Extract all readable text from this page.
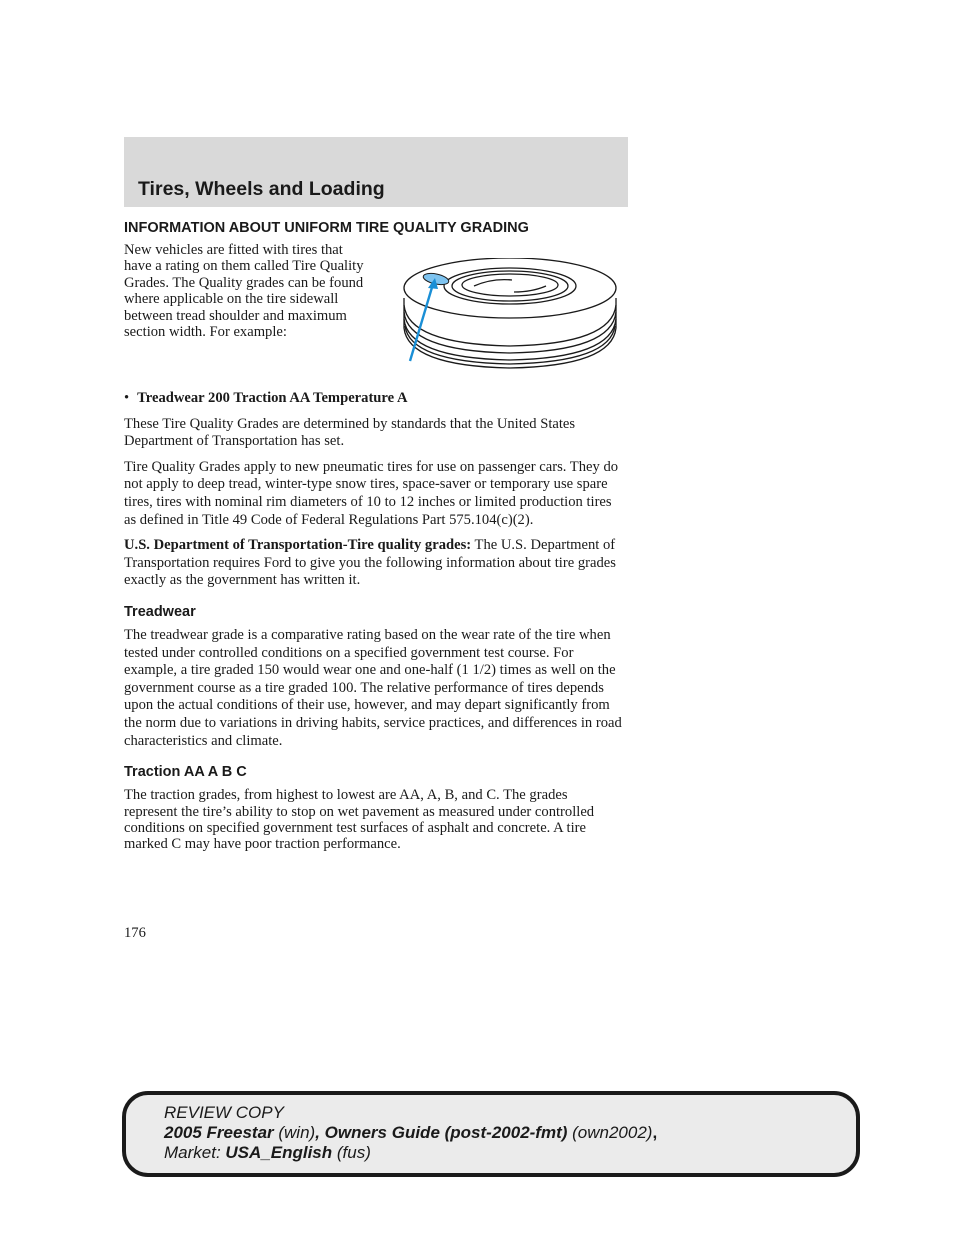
Tires, Wheels and Loading
INFORMATION ABOUT UNIFORM TIRE QUALITY GRADING

New vehicles are fitted with tires that have a rating on them called Tire Quality Grades. The Quality grades can be found where applicable on the tire sidewall between tread shoulder and maximum section width. For example:

• Treadwear 200 Traction AA Temperature A

These Tire Quality Grades are determined by standards that the United States Department of Transportation has set.

Tire Quality Grades apply to new pneumatic tires for use on passenger cars. They do not apply to deep tread, winter-type snow tires, space-saver or temporary use spare tires, tires with nominal rim diameters of 10 to 12 inches or limited production tires as defined in Title 49 Code of Federal Regulations Part 575.104(c)(2).

U.S. Department of Transportation-Tire quality grades: The U.S. Department of Transportation requires Ford to give you the following information about tire grades exactly as the government has written it.

Treadwear

The treadwear grade is a comparative rating based on the wear rate of the tire when tested under controlled conditions on a specified government test course. For example, a tire graded 150 would wear one and one-half (1 1/2) times as well on the government course as a tire graded 100. The relative performance of tires depends upon the actual conditions of their use, however, and may depart significantly from the norm due to variations in driving habits, service practices, and differences in road characteristics and climate.

Traction AA A B C

The traction grades, from highest to lowest are AA, A, B, and C. The grades represent the tire’s ability to stop on wet pavement as measured under controlled conditions on specified government test surfaces of asphalt and concrete. A tire marked C may have poor traction performance.

176
REVIEW COPY
2005 Freestar (win), Owners Guide (post-2002-fmt) (own2002),
Market: USA_English (fus)
